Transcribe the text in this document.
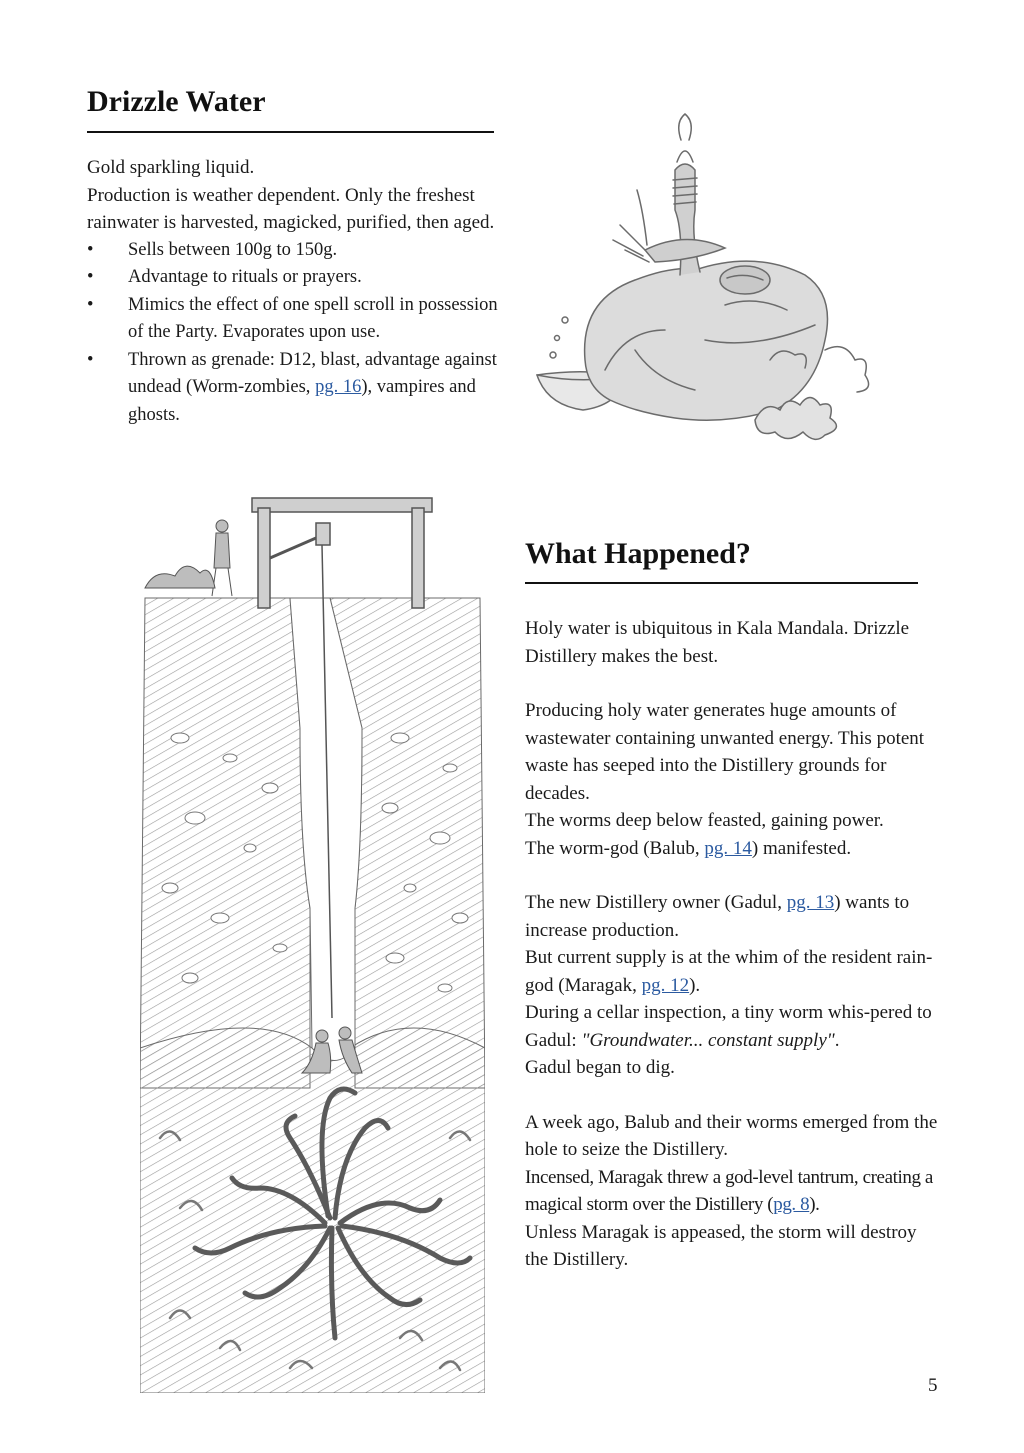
Drizzle Water

Gold sparkling liquid.

Production is weather dependent. Only the freshest rainwater is harvested, magicked, purified, then aged.

• Sells between 100g to 150g.
• Advantage to rituals or prayers.
• Mimics the effect of one spell scroll in possession of the Party. Evaporates upon use.
• Thrown as grenade: D12, blast, advantage against undead (Worm-zombies, pg. 16), vampires and ghosts.
What Happened?

Holy water is ubiquitous in Kala Mandala. Drizzle Distillery makes the best.

Producing holy water generates huge amounts of wastewater containing unwanted energy. This potent waste has seeped into the Distillery grounds for decades.

The worms deep below feasted, gaining power.

The worm-god (Balub, pg. 14) manifested.

The new Distillery owner (Gadul, pg. 13) wants to increase production.

But current supply is at the whim of the resident rain-god (Maragak, pg. 12).

During a cellar inspection, a tiny worm whis-pered to Gadul: "Groundwater... constant supply".

Gadul began to dig.

A week ago, Balub and their worms emerged from the hole to seize the Distillery.

Incensed, Maragak threw a god-level tantrum, creating a magical storm over the Distillery (pg. 8).

Unless Maragak is appeased, the storm will destroy the Distillery.

5
